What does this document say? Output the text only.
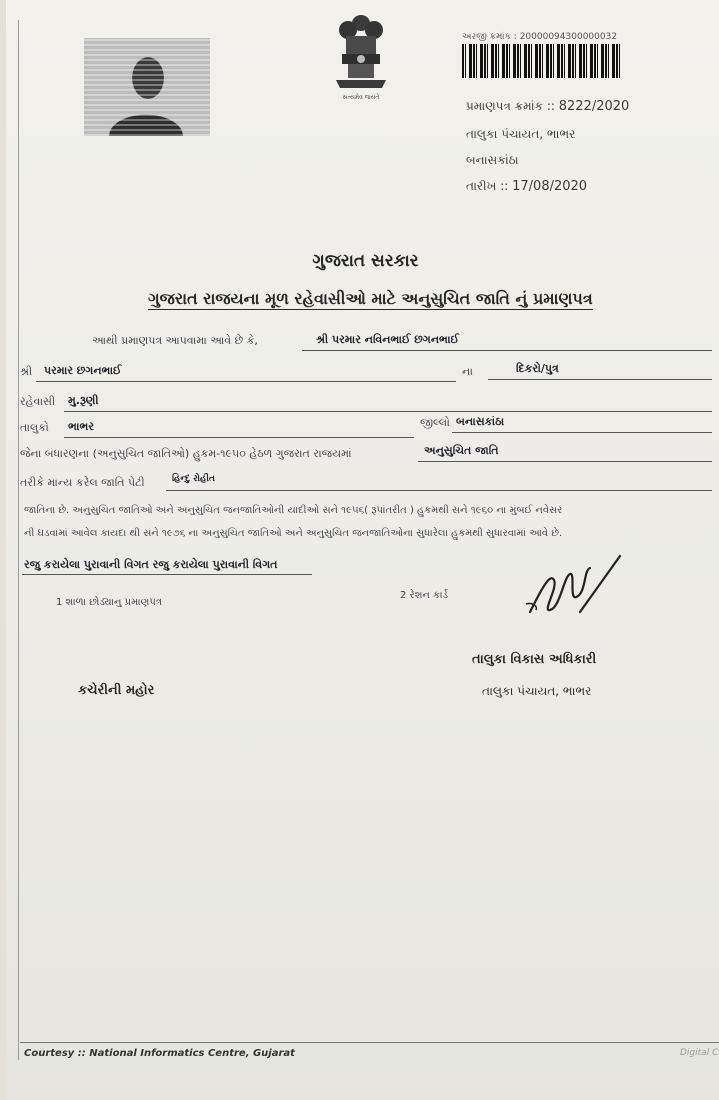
સત્યમેવ જયતે
અરજી ક્રમાંક : 20000094300000032
પ્રમાણપત્ર ક્રમાંક :: 8222/2020
તાલુકા પંચાયત, ભાભર
બનાસકાંઠા
તારીખ :: 17/08/2020
ગુજરાત સરકાર
ગુજરાત રાજયના મૂળ રહેવાસીઓ માટે અનુસુચિત જાતિ નું પ્રમાણપત્ર
આથી પ્રમાણપત્ર આપવામા આવે છે કે,	શ્રી પરમાર નવિનભાઈ છગનભાઈ
શ્રી પરમાર છગનભાઈ	ના	દિકરો/પુત્ર
રહેવાસી મુ.રૂણી
તાલુકો ભાભર	જીલ્લો બનાસકાંઠા
જેના બંધારણના (અનુસુચિત જાતિઓ) હુકમ-૧૯૫૦ હેઠળ ગુજરાત રાજયમાં	અનુસુચિત જાતિ
તરીકે માન્ય કરેલ જાતિ પેટી	હિન્દુ રોહીત
જાતિના છે. અનુસુચિત જાતિઓ અને અનુસુચિત જનજાતિઓની યાદીઓ સને ૧૯૫૬( રૂપાંતરીત ) હુકમથી સને ૧૯૬૦ ના મુંબઈ નવેસર
ની ઘડવામાં આવેલ કાયદા થી સને ૧૯૭૬ ના અનુસુચિત જાતિઓ અને અનુસુચિત જનજાતિઓના સુધારેલા હુકમથી સુધારવામાં આવે છે.
રજુ કરાયેલા પુરાવાની વિગત રજુ કરાયેલા પુરાવાની વિગત
1 શાળા છોડ્યાનુ પ્રમાણપત્ર
2 રેશન કાર્ડ
તાલુકા વિકાસ અધિકારી
તાલુકા પંચાયત, ભાભર
કચેરીની મહોર
Courtesy :: National Informatics Centre, Gujarat	Digital C
